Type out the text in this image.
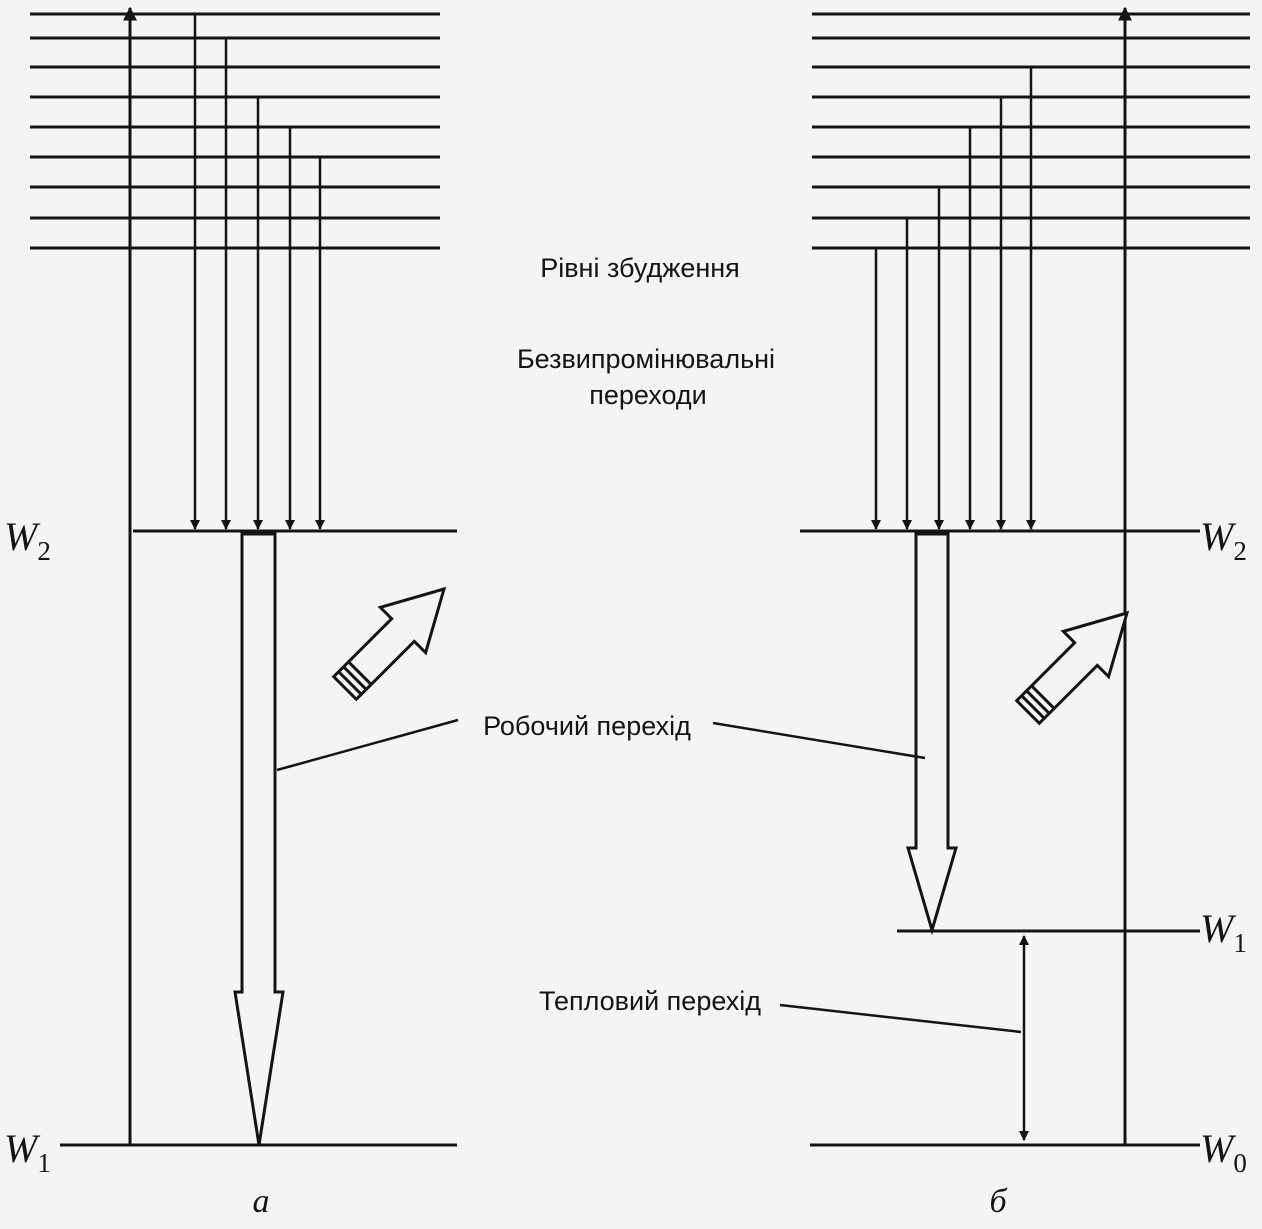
$W_2$
$W_1$
а
$W_2$
$W_1$
$W_0$
б
Рівні збудження
Безвипромінювальні
переходи
Робочий перехід
Тепловий перехід
